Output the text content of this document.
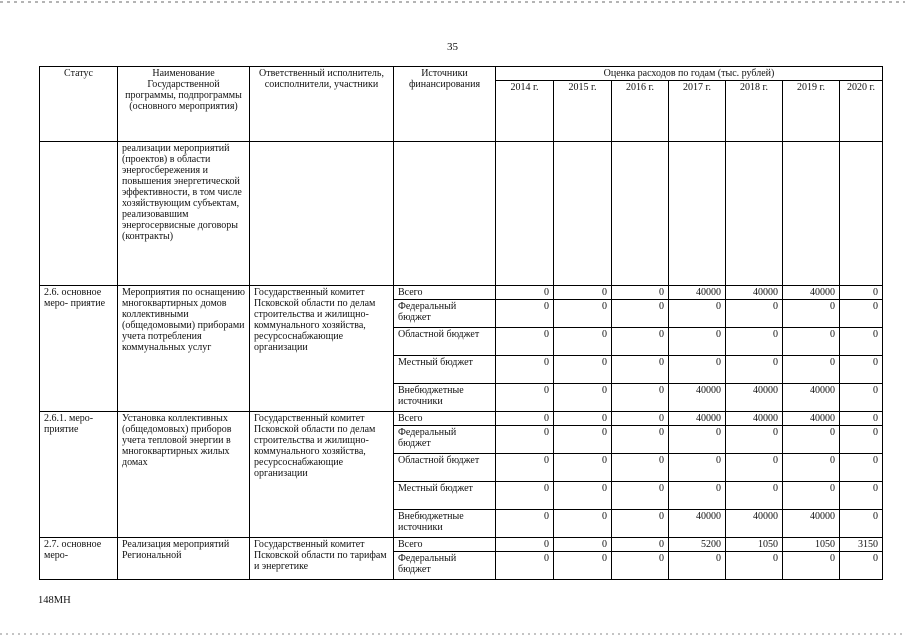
35
Статус	Наименование Государственной программы, подпрограммы (основного мероприятия)	Ответственный исполнитель, соисполнители, участники	Источники финансирования	Оценка расходов по годам (тыс. рублей)						
				2014 г.	2015 г.	2016 г.	2017 г.	2018 г.	2019 г.	2020 г.
	реализации мероприятий (проектов) в области энергосбережения и повышения энергетической эффективности, в том числе хозяйствующим субъектам, реализовавшим энергосервисные договоры (контракты)									
2.6. основное меро- приятие	Мероприятия по оснащению многоквартирных домов коллективными (общедомовыми) приборами учета потребления коммунальных услуг	Государственный комитет Псковской области по делам строительства и жилищно-коммунального хозяйства, ресурсоснабжающие организации	Всего	0	0	0	40000	40000	40000	0
			Федеральный бюджет	0	0	0	0	0	0	0
			Областной бюджет	0	0	0	0	0	0	0
			Местный бюджет	0	0	0	0	0	0	0
			Внебюджетные источники	0	0	0	40000	40000	40000	0
2.6.1. меро- приятие	Установка коллективных (общедомовых) приборов учета тепловой энергии в многоквартирных жилых домах	Государственный комитет Псковской области по делам строительства и жилищно-коммунального хозяйства, ресурсоснабжающие организации	Всего	0	0	0	40000	40000	40000	0
			Федеральный бюджет	0	0	0	0	0	0	0
			Областной бюджет	0	0	0	0	0	0	0
			Местный бюджет	0	0	0	0	0	0	0
			Внебюджетные источники	0	0	0	40000	40000	40000	0
2.7. основное меро-	Реализация мероприятий Региональной	Государственный комитет Псковской области по тарифам и энергетике	Всего	0	0	0	5200	1050	1050	3150
			Федеральный бюджет	0	0	0	0	0	0	0
148МН
